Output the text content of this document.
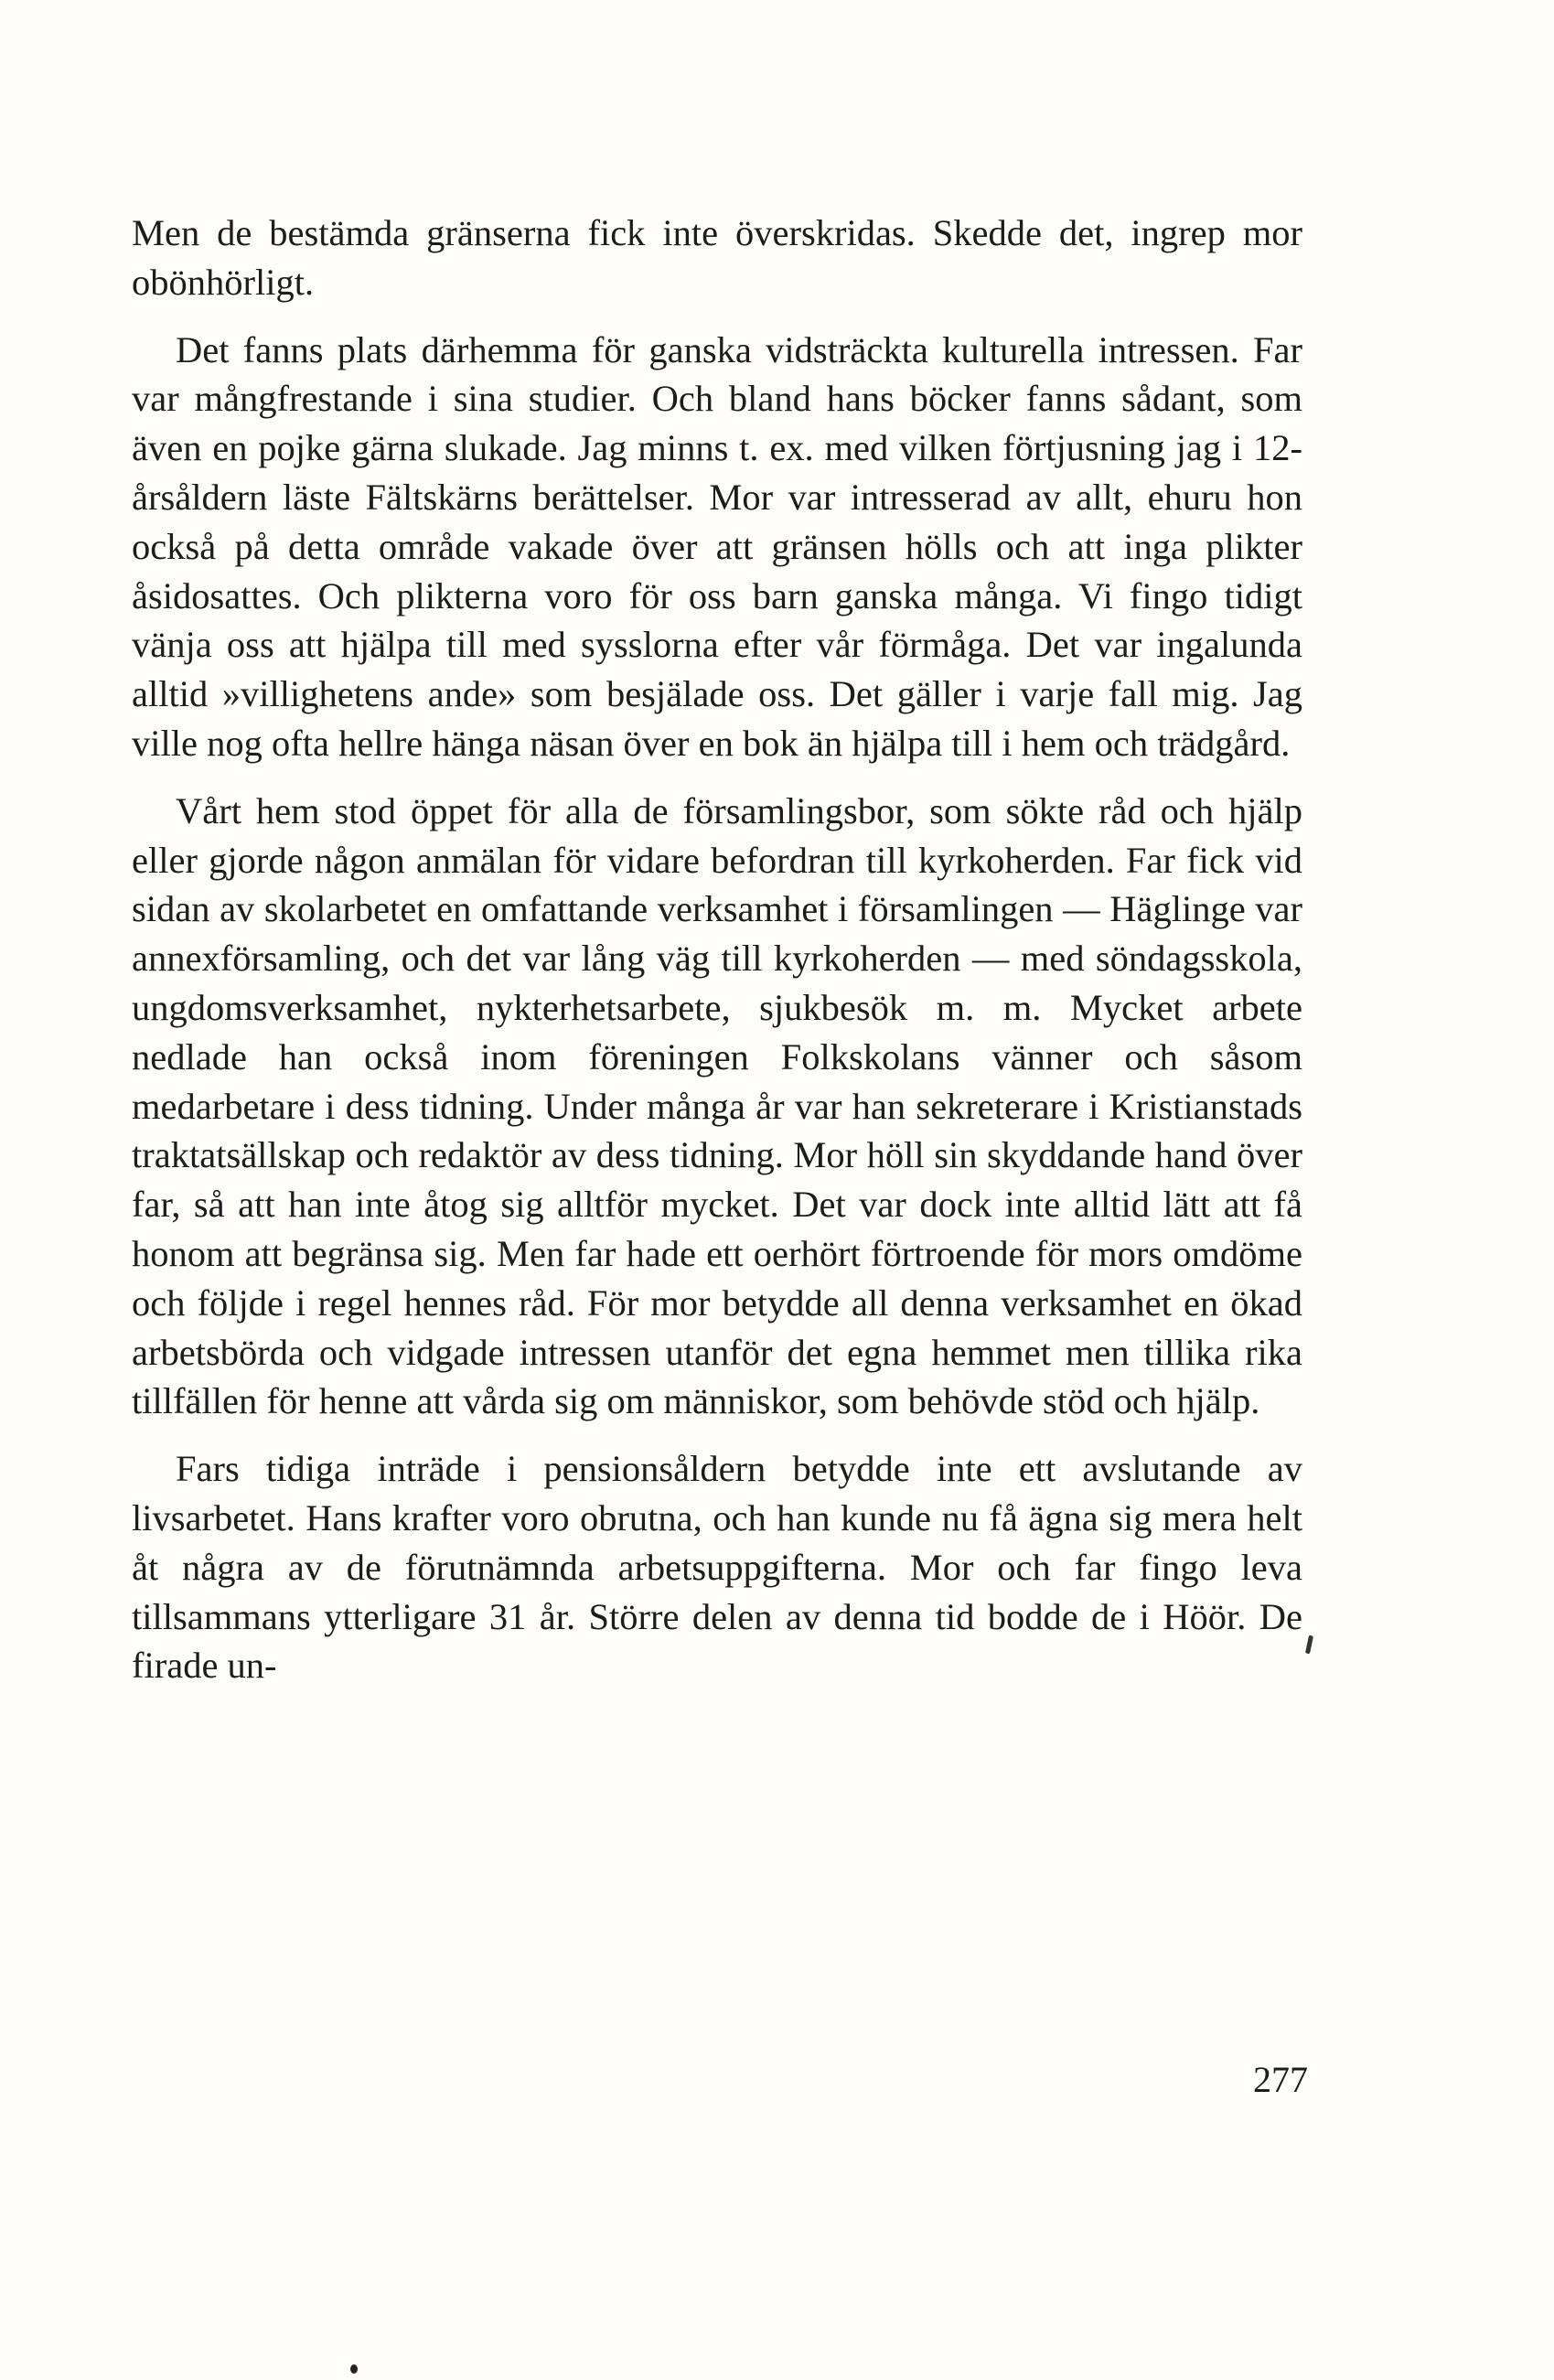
Men de bestämda gränserna fick inte överskridas. Skedde det, ingrep mor obönhörligt.

Det fanns plats därhemma för ganska vidsträckta kulturella intressen. Far var mångfrestande i sina studier. Och bland hans böcker fanns sådant, som även en pojke gärna slukade. Jag minns t. ex. med vilken förtjusning jag i 12-årsåldern läste Fältskärns berättelser. Mor var intresserad av allt, ehuru hon också på detta område vakade över att gränsen hölls och att inga plikter åsidosattes. Och plikterna voro för oss barn ganska många. Vi fingo tidigt vänja oss att hjälpa till med sysslorna efter vår förmåga. Det var ingalunda alltid »villighetens ande» som besjälade oss. Det gäller i varje fall mig. Jag ville nog ofta hellre hänga näsan över en bok än hjälpa till i hem och trädgård.

Vårt hem stod öppet för alla de församlingsbor, som sökte råd och hjälp eller gjorde någon anmälan för vidare befordran till kyrkoherden. Far fick vid sidan av skolarbetet en omfattande verksamhet i församlingen — Häglinge var annexförsamling, och det var lång väg till kyrkoherden — med söndagsskola, ungdomsverksamhet, nykterhetsarbete, sjukbesök m. m. Mycket arbete nedlade han också inom föreningen Folkskolans vänner och såsom medarbetare i dess tidning. Under många år var han sekreterare i Kristianstads traktatsällskap och redaktör av dess tidning. Mor höll sin skyddande hand över far, så att han inte åtog sig alltför mycket. Det var dock inte alltid lätt att få honom att begränsa sig. Men far hade ett oerhört förtroende för mors omdöme och följde i regel hennes råd. För mor betydde all denna verksamhet en ökad arbetsbörda och vidgade intressen utanför det egna hemmet men tillika rika tillfällen för henne att vårda sig om människor, som behövde stöd och hjälp.

Fars tidiga inträde i pensionsåldern betydde inte ett avslutande av livsarbetet. Hans krafter voro obrutna, och han kunde nu få ägna sig mera helt åt några av de förutnämnda arbetsuppgifterna. Mor och far fingo leva tillsammans ytterligare 31 år. Större delen av denna tid bodde de i Höör. De firade un-

277
